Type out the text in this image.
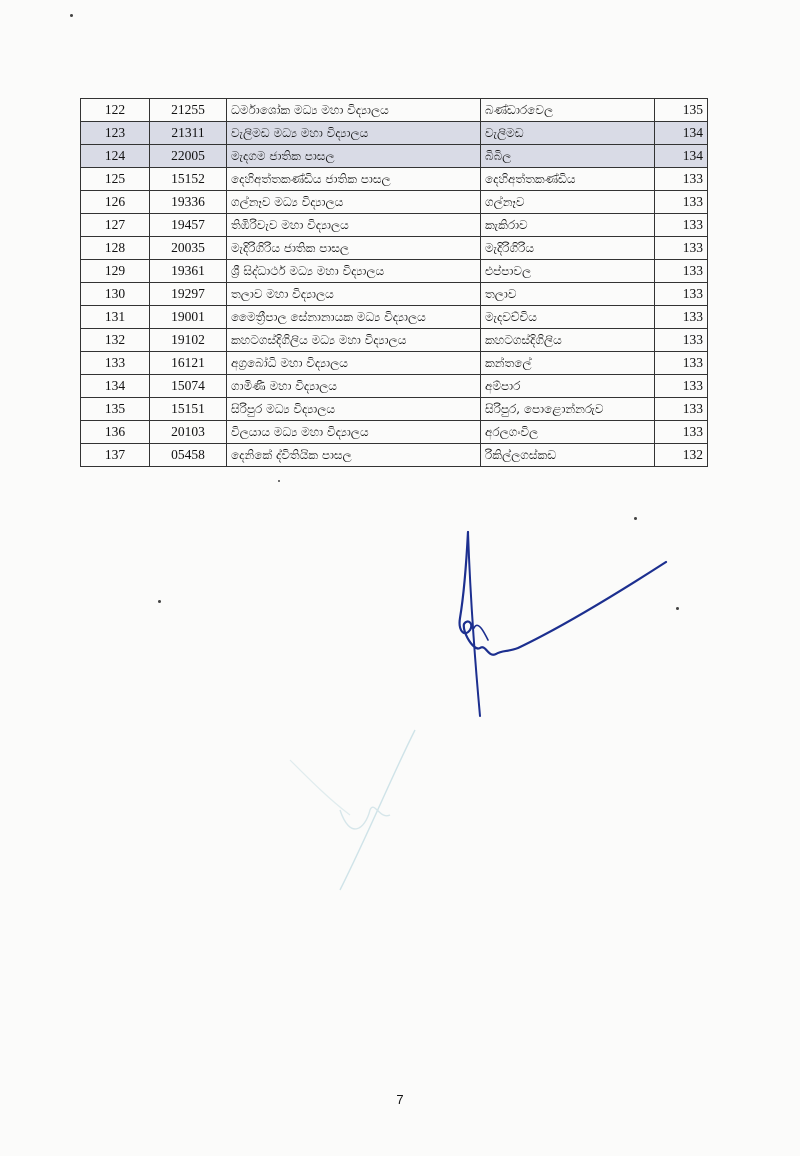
122	21255	ධර්මාශෝක මධ්‍ය මහා විද්‍යාලය	බණ්ඩාරවෙල	135
123	21311	වැලිමඩ මධ්‍ය මහා විද්‍යාලය	වැලිමඩ	134
124	22005	මැදගම ජාතික පාසල	බිබිල	134
125	15152	දෙහිඅත්තකණ්ඩිය ජාතික පාසල	දෙහිඅත්තකණ්ඩිය	133
126	19336	ගල්නෑව මධ්‍ය විද්‍යාලය	ගල්නෑව	133
127	19457	තිඹිරිවැව මහා විද්‍යාලය	කැකිරාව	133
128	20035	මැදිරිගිරිය ජාතික පාසල	මැදිරිගිරිය	133
129	19361	ශ්‍රී සිද්ධාර්ථ මධ්‍ය මහා විද්‍යාලය	එප්පාවල	133
130	19297	තලාව මහා විද්‍යාලය	තලාව	133
131	19001	මෛත්‍රීපාල සේනානායක මධ්‍ය විද්‍යාලය	මැදවච්චිය	133
132	19102	කහටගස්දිගිලිය මධ්‍ය මහා විද්‍යාලය	කහටගස්දිගිලිය	133
133	16121	අග්‍රබෝධි මහා විද්‍යාලය	කන්තලේ	133
134	15074	ගාමිණී මහා විද්‍යාලය	අම්පාර	133
135	15151	සිරිපුර මධ්‍ය විද්‍යාලය	සිරිපුර, පොළොන්නරුව	133
136	20103	විලයාය මධ්‍ය මහා විද්‍යාලය	අරලගංවිල	133
137	05458	දෙනිකේ ද්විතියික පාසල	රිකිල්ලගස්කඩ	132
7
